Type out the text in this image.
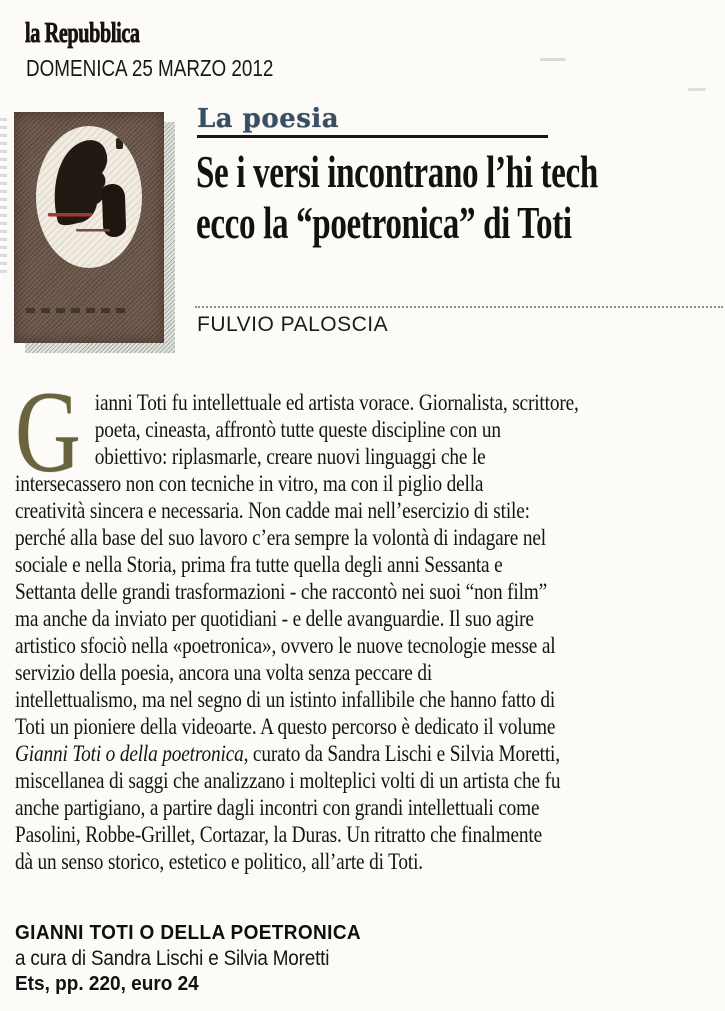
la Repubblica
DOMENICA 25 MARZO 2012
La poesia
Se i versi incontrano l’hi tech
ecco la “poetronica” di Toti
FULVIO PALOSCIA
G ianni Toti fu intellettuale ed artista vorace. Giornalista, scrittore,
poeta, cineasta, affrontò tutte queste discipline con un
obiettivo: riplasmarle, creare nuovi linguaggi che le
intersecassero non con tecniche in vitro, ma con il piglio della
creatività sincera e necessaria. Non cadde mai nell’esercizio di stile:
perché alla base del suo lavoro c’era sempre la volontà di indagare nel
sociale e nella Storia, prima fra tutte quella degli anni Sessanta e
Settanta delle grandi trasformazioni - che raccontò nei suoi “non film”
ma anche da inviato per quotidiani - e delle avanguardie. Il suo agire
artistico sfociò nella «poetronica», ovvero le nuove tecnologie messe al
servizio della poesia, ancora una volta senza peccare di
intellettualismo, ma nel segno di un istinto infallibile che hanno fatto di
Toti un pioniere della videoarte. A questo percorso è dedicato il volume
Gianni Toti o della poetronica, curato da Sandra Lischi e Silvia Moretti,
miscellanea di saggi che analizzano i molteplici volti di un artista che fu
anche partigiano, a partire dagli incontri con grandi intellettuali come
Pasolini, Robbe-Grillet, Cortazar, la Duras. Un ritratto che finalmente
dà un senso storico, estetico e politico, all’arte di Toti.
GIANNI TOTI O DELLA POETRONICA
a cura di Sandra Lischi e Silvia Moretti
Ets, pp. 220, euro 24
